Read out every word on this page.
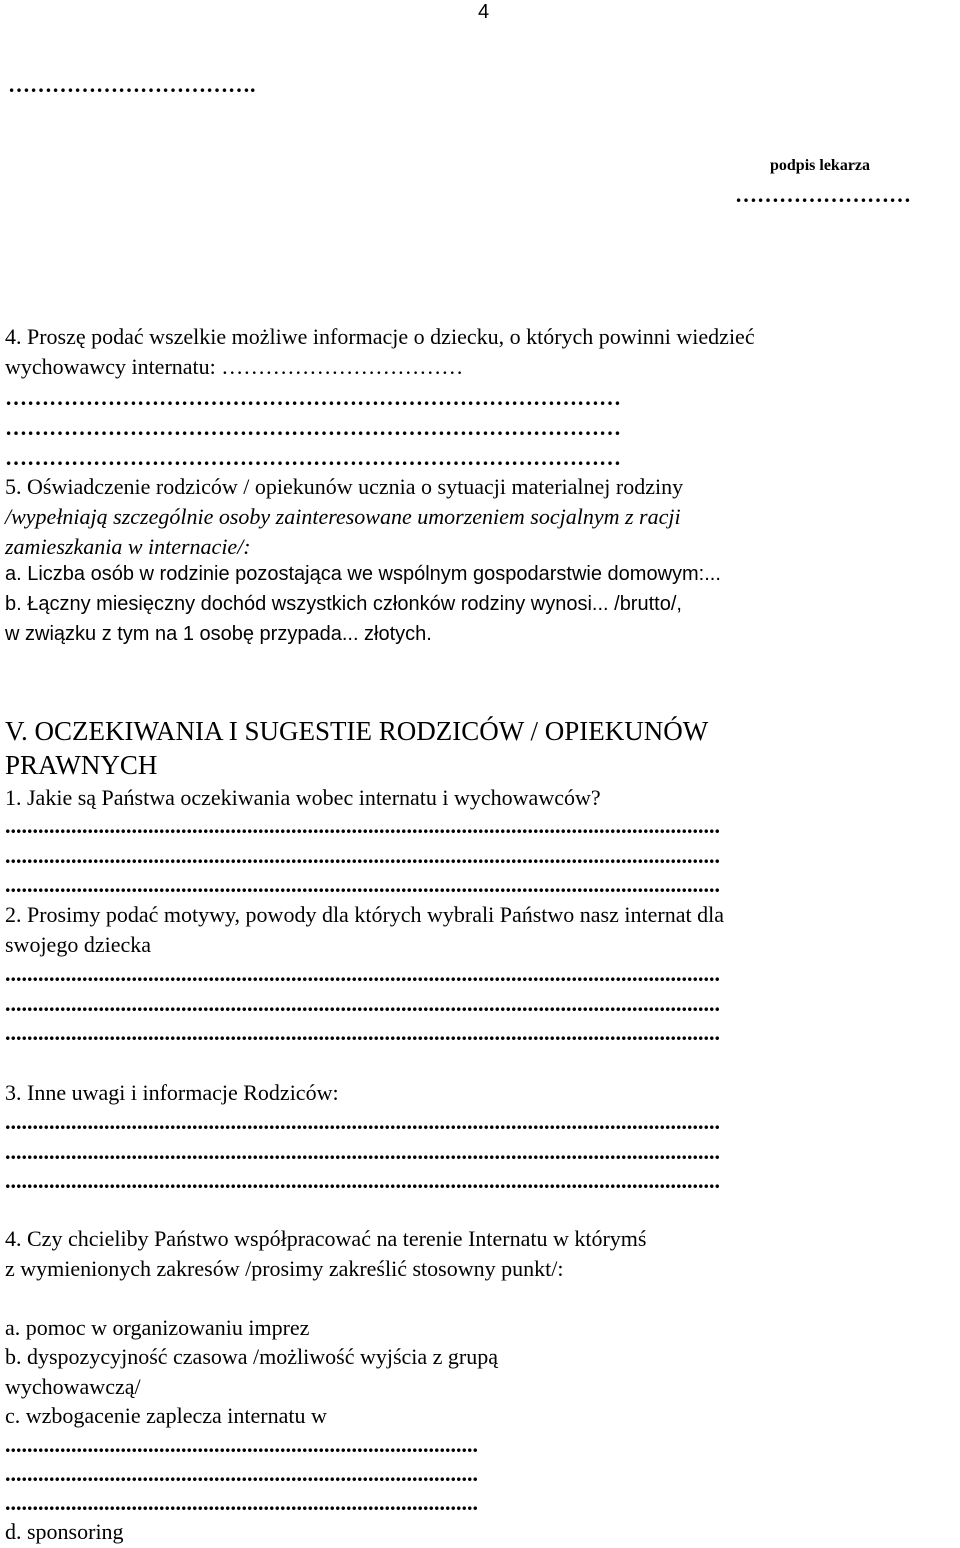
4
…………………………….
podpis lekarza
……………………
4. Proszę podać wszelkie możliwe informacje o dziecku, o których powinni wiedzieć
wychowawcy internatu: ……………………………
…………………………………………………………………………
…………………………………………………………………………
…………………………………………………………………………
5. Oświadczenie rodziców / opiekunów ucznia o sytuacji materialnej rodziny
/wypełniają szczególnie osoby zainteresowane umorzeniem socjalnym z racji
zamieszkania w internacie/:
a. Liczba osób w rodzinie pozostająca we wspólnym gospodarstwie domowym:...
b. Łączny miesięczny dochód wszystkich członków rodziny wynosi... /brutto/,
w związku z tym na 1 osobę przypada... złotych.
V. OCZEKIWANIA I SUGESTIE RODZICÓW / OPIEKUNÓW
PRAWNYCH
1. Jakie są Państwa oczekiwania wobec internatu i wychowawców?
..................................................................................................................................
..................................................................................................................................
..................................................................................................................................
2. Prosimy podać motywy, powody dla których wybrali Państwo nasz internat dla
swojego dziecka
..................................................................................................................................
..................................................................................................................................
..................................................................................................................................
3. Inne uwagi i informacje Rodziców:
..................................................................................................................................
..................................................................................................................................
..................................................................................................................................
4. Czy chcieliby Państwo współpracować na terenie Internatu w którymś
z wymienionych zakresów /prosimy zakreślić stosowny punkt/:
a. pomoc w organizowaniu imprez
b. dyspozycyjność czasowa /możliwość wyjścia z grupą
wychowawczą/
c. wzbogacenie zaplecza internatu w
......................................................................................
......................................................................................
......................................................................................
d. sponsoring
